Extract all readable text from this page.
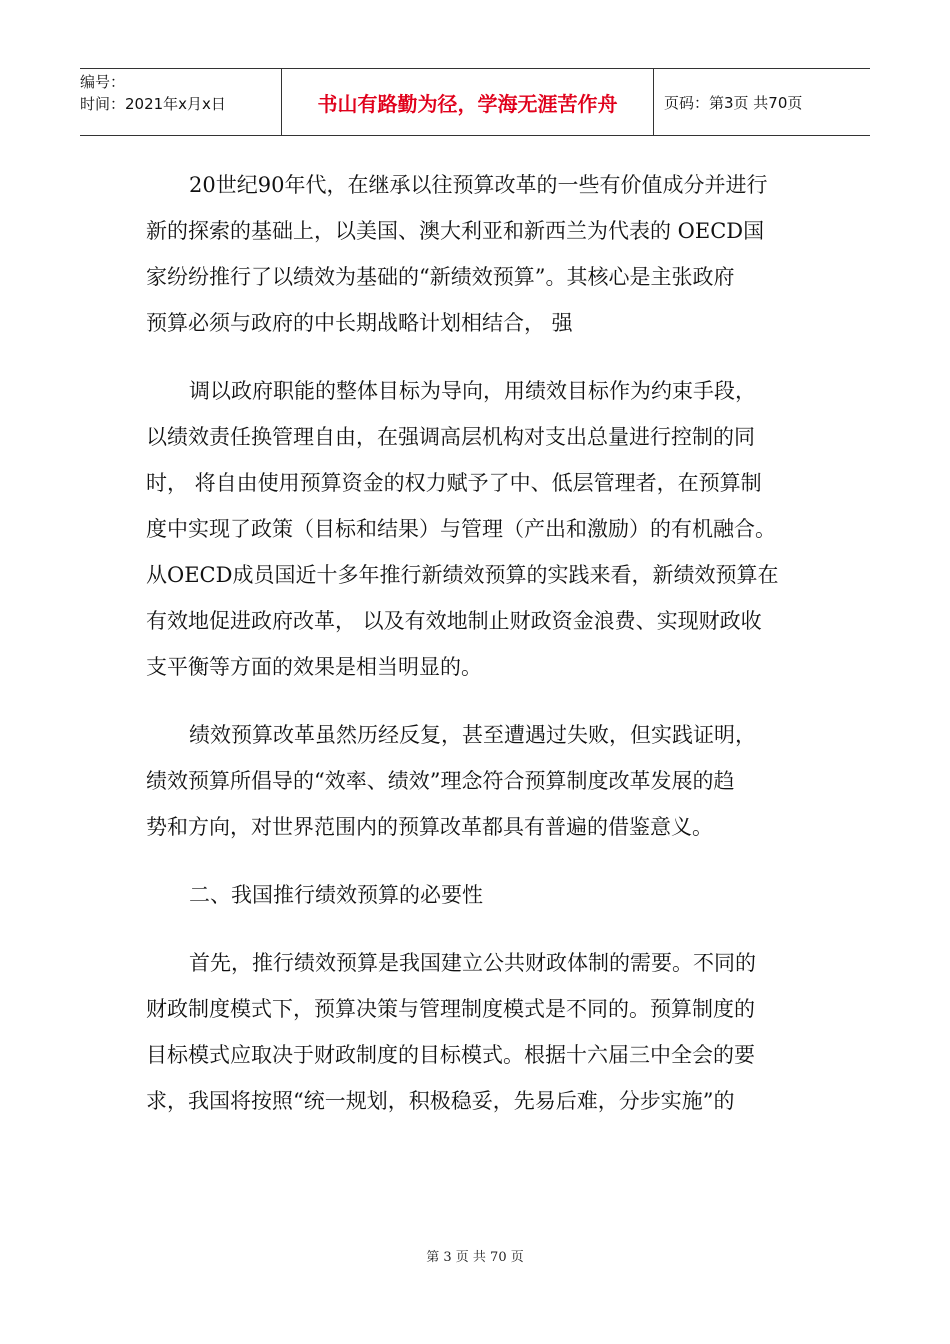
编号：
时间：2021年x月x日	书山有路勤为径，学海无涯苦作舟	页码：第3页 共70页
20世纪90年代，在继承以往预算改革的一些有价值成分并进行
新的探索的基础上，以美国、澳大利亚和新西兰为代表的 OECD国
家纷纷推行了以绩效为基础的“新绩效预算”。其核心是主张政府
预算必须与政府的中长期战略计划相结合， 强
调以政府职能的整体目标为导向，用绩效目标作为约束手段，
以绩效责任换管理自由，在强调高层机构对支出总量进行控制的同
时， 将自由使用预算资金的权力赋予了中、低层管理者，在预算制
度中实现了政策（目标和结果）与管理（产出和激励）的有机融合。
从OECD成员国近十多年推行新绩效预算的实践来看，新绩效预算在
有效地促进政府改革， 以及有效地制止财政资金浪费、实现财政收
支平衡等方面的效果是相当明显的。
绩效预算改革虽然历经反复，甚至遭遇过失败，但实践证明，
绩效预算所倡导的“效率、绩效”理念符合预算制度改革发展的趋
势和方向，对世界范围内的预算改革都具有普遍的借鉴意义。
二、我国推行绩效预算的必要性
首先，推行绩效预算是我国建立公共财政体制的需要。不同的
财政制度模式下，预算决策与管理制度模式是不同的。预算制度的
目标模式应取决于财政制度的目标模式。根据十六届三中全会的要
求，我国将按照“统一规划，积极稳妥，先易后难，分步实施”的
第 3 页 共 70 页
